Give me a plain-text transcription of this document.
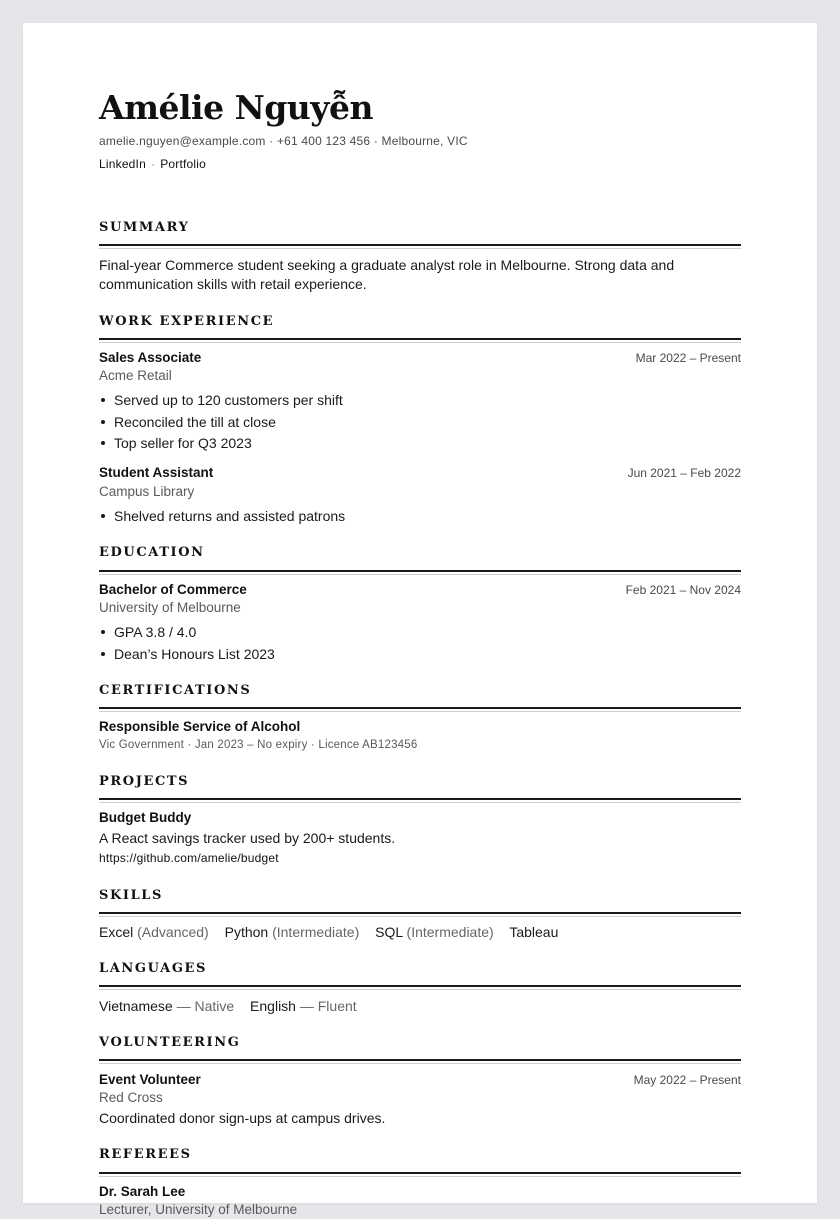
Amélie Nguyễn
amelie.nguyen@example.com · +61 400 123 456 · Melbourne, VIC
LinkedIn · Portfolio
SUMMARY
Final-year Commerce student seeking a graduate analyst role in Melbourne. Strong data and
communication skills with retail experience.
WORK EXPERIENCE
Sales Associate	Mar 2022 – Present
Acme Retail
Served up to 120 customers per shift
Reconciled the till at close
Top seller for Q3 2023
Student Assistant	Jun 2021 – Feb 2022
Campus Library
Shelved returns and assisted patrons
EDUCATION
Bachelor of Commerce	Feb 2021 – Nov 2024
University of Melbourne
GPA 3.8 / 4.0
Dean’s Honours List 2023
CERTIFICATIONS
Responsible Service of Alcohol
Vic Government · Jan 2023 – No expiry · Licence AB123456
PROJECTS
Budget Buddy
A React savings tracker used by 200+ students.
https://github.com/amelie/budget
SKILLS
Excel (Advanced) Python (Intermediate) SQL (Intermediate) Tableau
LANGUAGES
Vietnamese — Native English — Fluent
VOLUNTEERING
Event Volunteer	May 2022 – Present
Red Cross
Coordinated donor sign-ups at campus drives.
REFEREES
Dr. Sarah Lee
Lecturer, University of Melbourne
